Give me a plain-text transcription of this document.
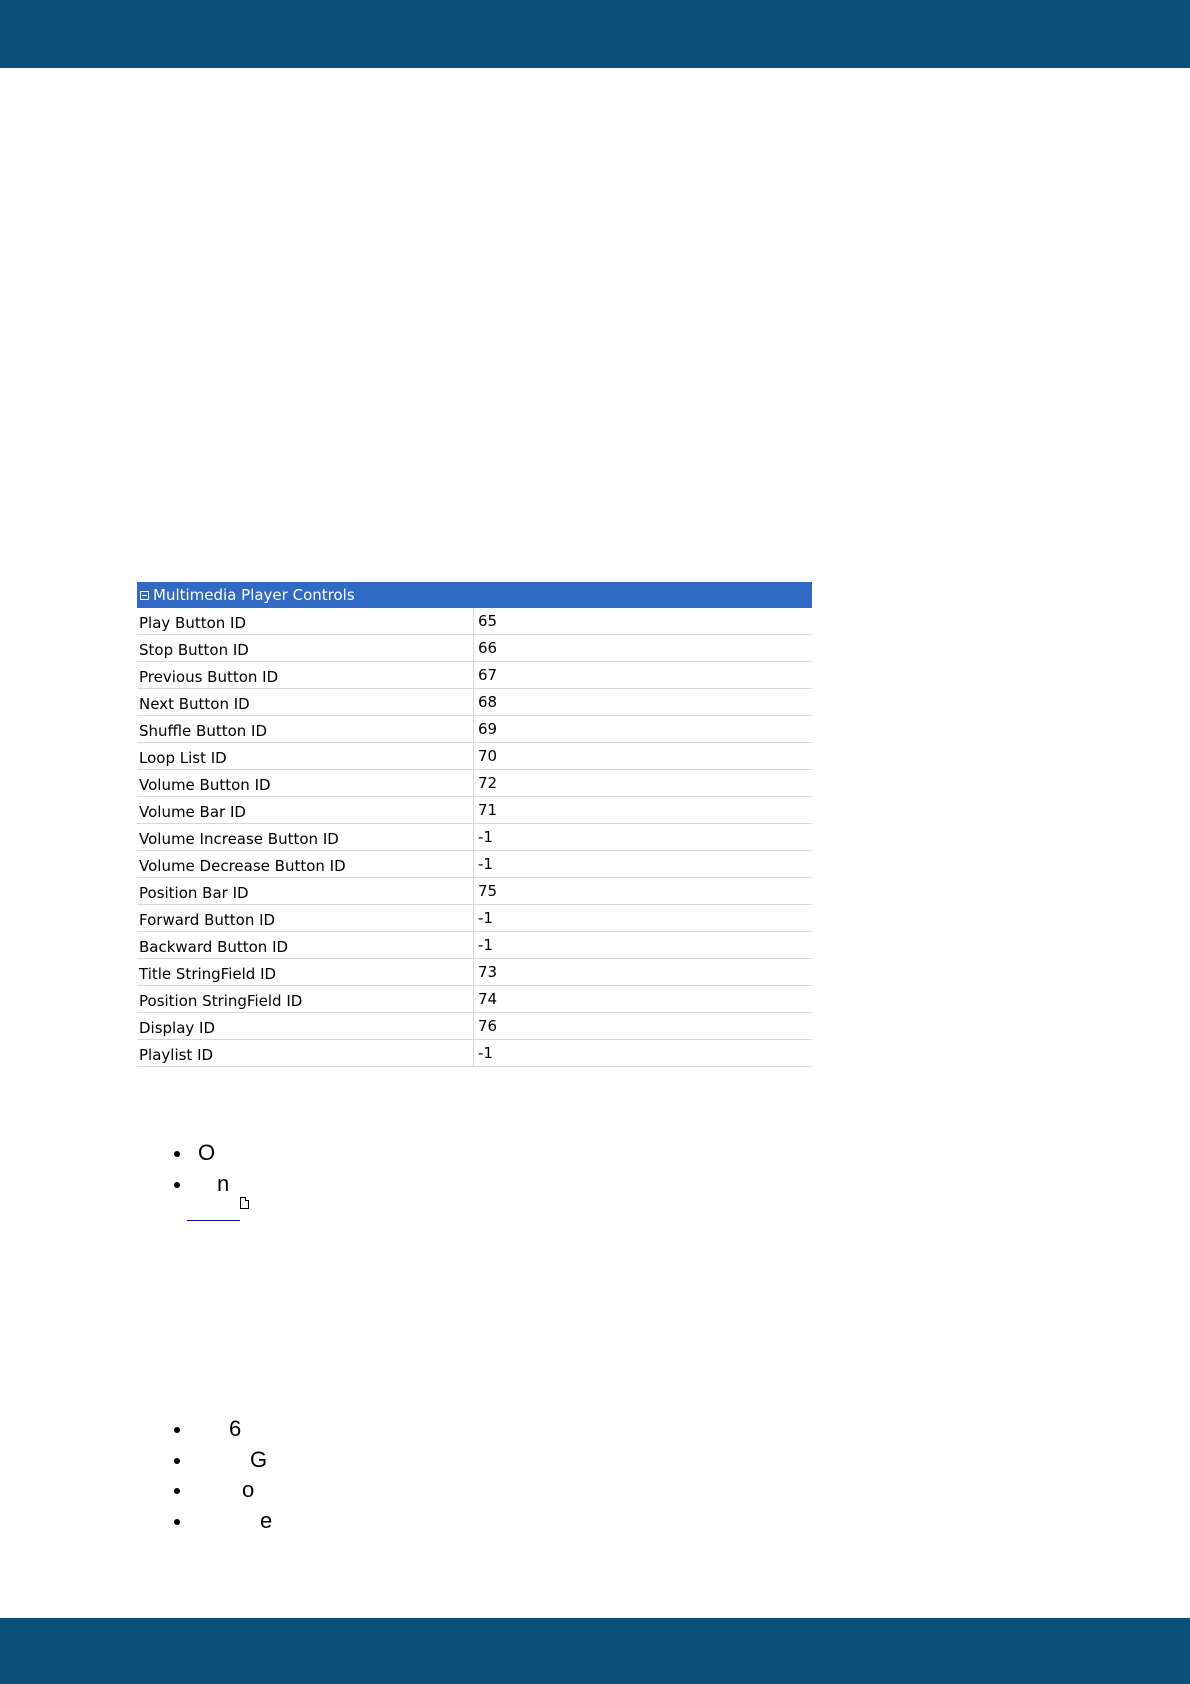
Multimedia Player Controls
Play Button ID	65
Stop Button ID	66
Previous Button ID	67
Next Button ID	68
Shuffle Button ID	69
Loop List ID	70
Volume Button ID	72
Volume Bar ID	71
Volume Increase Button ID	-1
Volume Decrease Button ID	-1
Position Bar ID	75
Forward Button ID	-1
Backward Button ID	-1
Title StringField ID	73
Position StringField ID	74
Display ID	76
Playlist ID	-1
O
n
6
G
o
e
